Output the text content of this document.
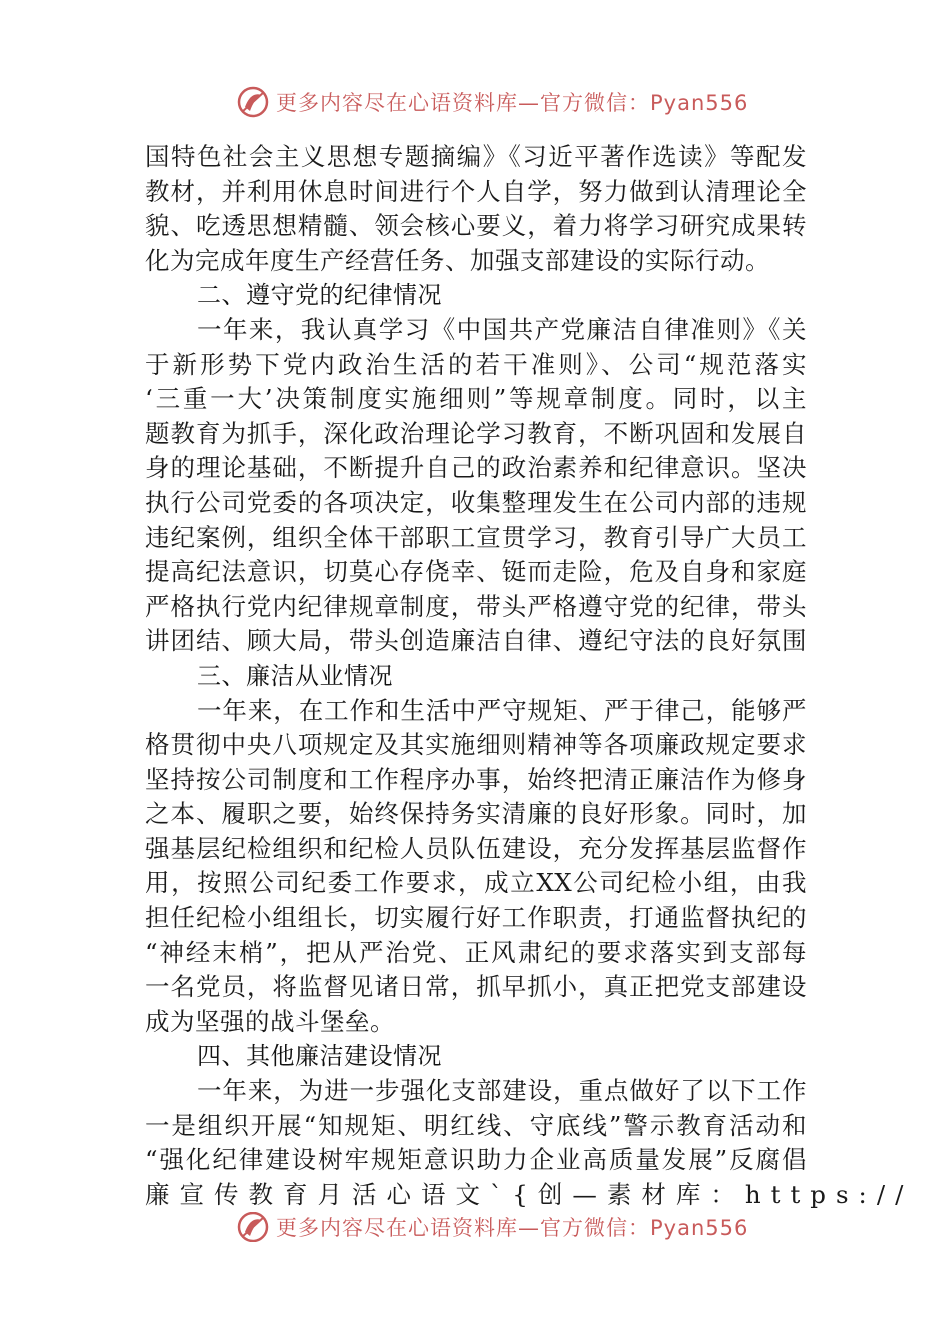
更多内容尽在心语资料库—官方微信：Pyan556
国特色社会主义思想专题摘编》《习近平著作选读》等配发
教材，并利用休息时间进行个人自学，努力做到认清理论全
貌、吃透思想精髓、领会核心要义，着力将学习研究成果转
化为完成年度生产经营任务、加强支部建设的实际行动。
二、遵守党的纪律情况
一年来，我认真学习《中国共产党廉洁自律准则》《关
于新形势下党内政治生活的若干准则》、公司“规范落实
‘三重一大’决策制度实施细则”等规章制度。同时，以主
题教育为抓手，深化政治理论学习教育，不断巩固和发展自
身的理论基础，不断提升自己的政治素养和纪律意识。坚决
执行公司党委的各项决定，收集整理发生在公司内部的违规
违纪案例，组织全体干部职工宣贯学习，教育引导广大员工
提高纪法意识，切莫心存侥幸、铤而走险，危及自身和家庭
严格执行党内纪律规章制度，带头严格遵守党的纪律，带头
讲团结、顾大局，带头创造廉洁自律、遵纪守法的良好氛围
三、廉洁从业情况
一年来，在工作和生活中严守规矩、严于律己，能够严
格贯彻中央八项规定及其实施细则精神等各项廉政规定要求
坚持按公司制度和工作程序办事，始终把清正廉洁作为修身
之本、履职之要，始终保持务实清廉的良好形象。同时，加
强基层纪检组织和纪检人员队伍建设，充分发挥基层监督作
用，按照公司纪委工作要求，成立XX公司纪检小组，由我
担任纪检小组组长，切实履行好工作职责，打通监督执纪的
“神经末梢”，把从严治党、正风肃纪的要求落实到支部每
一名党员，将监督见诸日常，抓早抓小，真正把党支部建设
成为坚强的战斗堡垒。
四、其他廉洁建设情况
一年来，为进一步强化支部建设，重点做好了以下工作
一是组织开展“知规矩、明红线、守底线”警示教育活动和
“强化纪律建设树牢规矩意识助力企业高质量发展”反腐倡
廉宣传教育月活心语文`{创—素材库：https://
更多内容尽在心语资料库—官方微信：Pyan556
